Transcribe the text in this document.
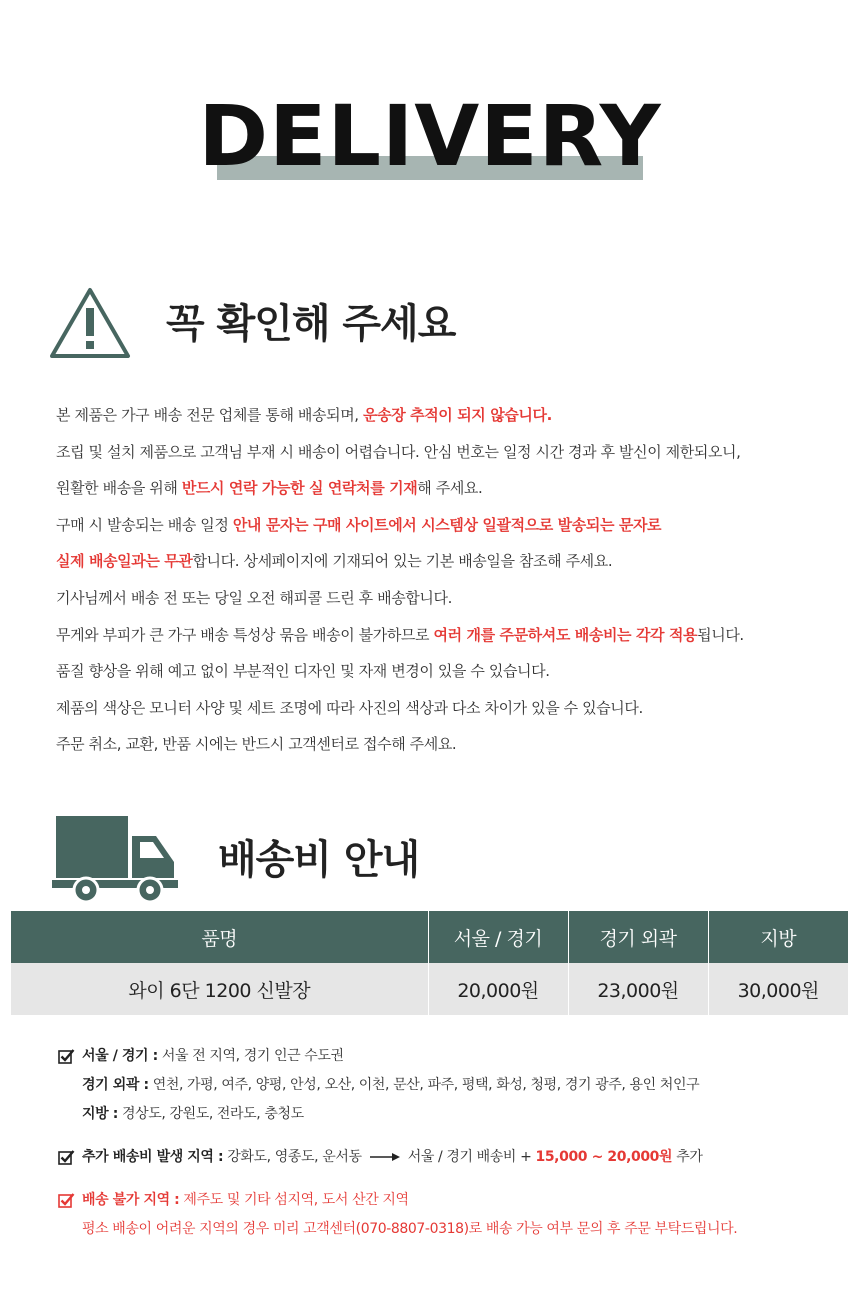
DELIVERY
꼭 확인해 주세요
본 제품은 가구 배송 전문 업체를 통해 배송되며, 운송장 추적이 되지 않습니다.
조립 및 설치 제품으로 고객님 부재 시 배송이 어렵습니다. 안심 번호는 일정 시간 경과 후 발신이 제한되오니,
원활한 배송을 위해 반드시 연락 가능한 실 연락처를 기재해 주세요.
구매 시 발송되는 배송 일정 안내 문자는 구매 사이트에서 시스템상 일괄적으로 발송되는 문자로
실제 배송일과는 무관합니다. 상세페이지에 기재되어 있는 기본 배송일을 참조해 주세요.
기사님께서 배송 전 또는 당일 오전 해피콜 드린 후 배송합니다.
무게와 부피가 큰 가구 배송 특성상 묶음 배송이 불가하므로 여러 개를 주문하셔도 배송비는 각각 적용됩니다.
품질 향상을 위해 예고 없이 부분적인 디자인 및 자재 변경이 있을 수 있습니다.
제품의 색상은 모니터 사양 및 세트 조명에 따라 사진의 색상과 다소 차이가 있을 수 있습니다.
주문 취소, 교환, 반품 시에는 반드시 고객센터로 접수해 주세요.
배송비 안내
품명	서울 / 경기	경기 외곽	지방
와이 6단 1200 신발장	20,000원	23,000원	30,000원
서울 / 경기 : 서울 전 지역, 경기 인근 수도권
경기 외곽 : 연천, 가평, 여주, 양평, 안성, 오산, 이천, 문산, 파주, 평택, 화성, 청평, 경기 광주, 용인 처인구
지방 : 경상도, 강원도, 전라도, 충청도
추가 배송비 발생 지역 : 강화도, 영종도, 운서동	서울 / 경기 배송비 + 15,000 ~ 20,000원 추가
배송 불가 지역 : 제주도 및 기타 섬지역, 도서 산간 지역
평소 배송이 어려운 지역의 경우 미리 고객센터(070-8807-0318)로 배송 가능 여부 문의 후 주문 부탁드립니다.
